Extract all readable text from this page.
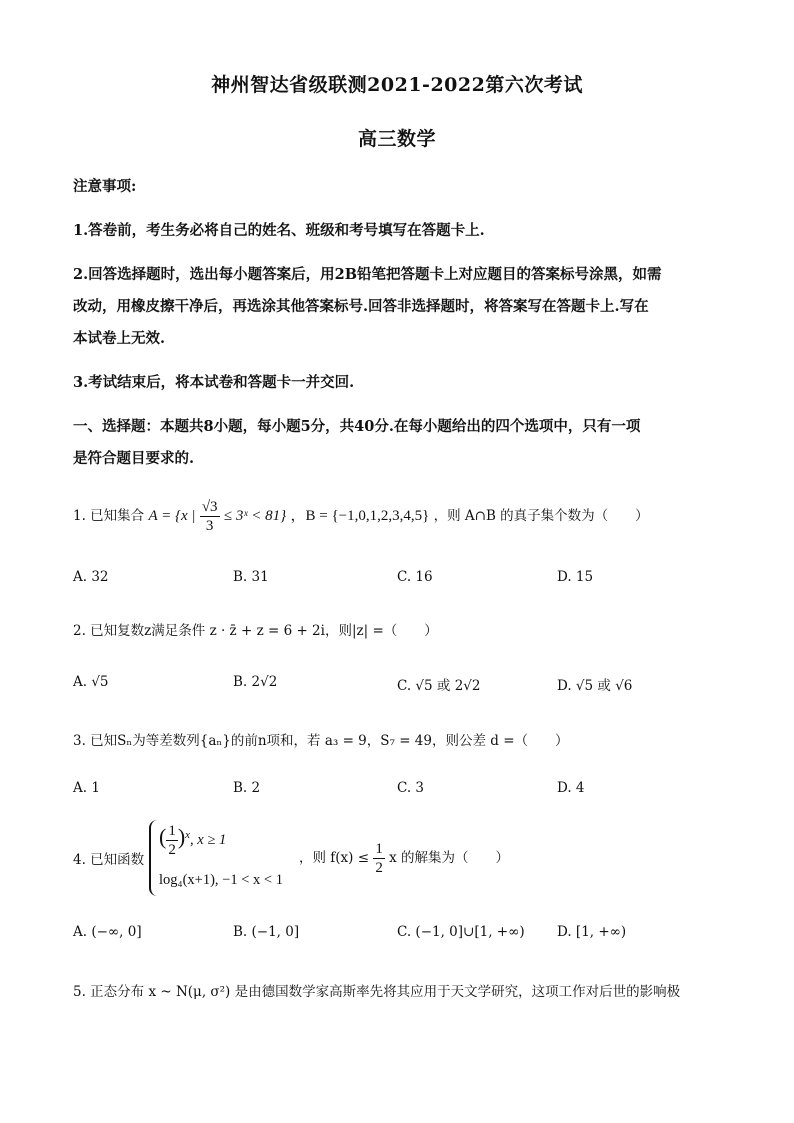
神州智达省级联测2021-2022第六次考试
高三数学
注意事项:
1.答卷前，考生务必将自己的姓名、班级和考号填写在答题卡上.
2.回答选择题时，选出每小题答案后，用2B铅笔把答题卡上对应题目的答案标号涂黑，如需
改动，用橡皮擦干净后，再选涂其他答案标号.回答非选择题时，将答案写在答题卡上.写在
本试卷上无效.
3.考试结束后，将本试卷和答题卡一并交回.
一、选择题：本题共8小题，每小题5分，共40分.在每小题给出的四个选项中，只有一项
是符合题目要求的.
1. 已知集合 A = {x | $\frac{√3}{3}$ ≤ 3ˣ < 81} ，B = {−1,0,1,2,3,4,5} ，则 A∩B 的真子集个数为（　　）
A. 32	B. 31	C. 16	D. 15
2. 已知复数z满足条件 z · z̄ + z = 6 + 2i，则|z| =（　　）
A. √5	B. 2√2	C. √5 或 2√2	D. √5 或 √6
3. 已知Sₙ为等差数列{aₙ}的前n项和，若 a₃ = 9，S₇ = 49，则公差 d =（　　）
A. 1	B. 2	C. 3	D. 4
4. 已知函数
( $\frac{1}{2} )^x$, x ≥ 1
log₄(x+1), −1 < x < 1
，则 $f(x) \le \frac{1}{2}$ x 的解集为（　　）
A. (−∞, 0]	B. (−1, 0]	C. (−1, 0]∪[1, +∞) D. [1, +∞)
5. 正态分布 x ~ N(μ, σ²) 是由德国数学家高斯率先将其应用于天文学研究，这项工作对后世的影响极
